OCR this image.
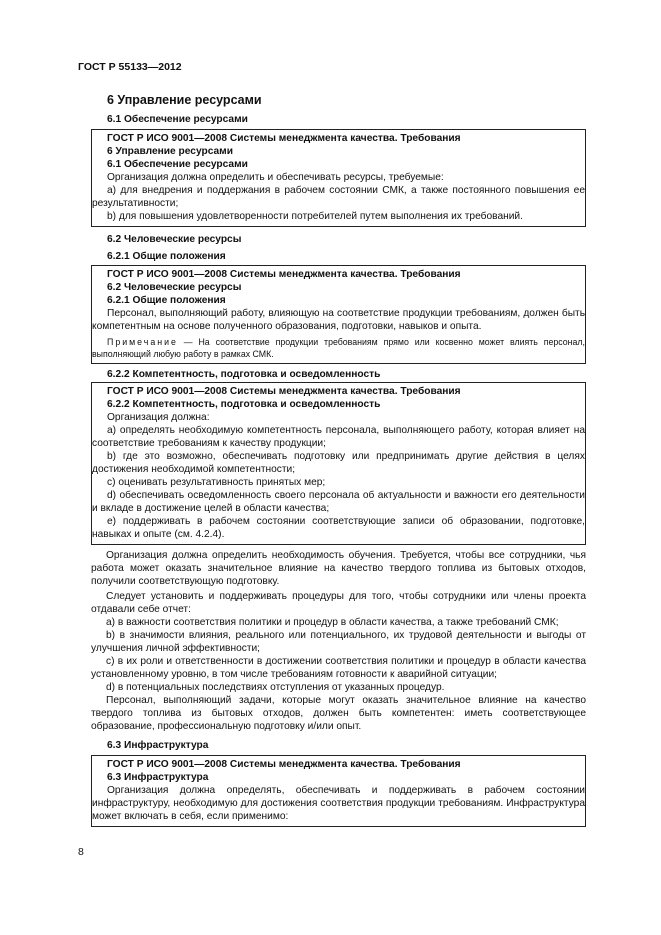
ГОСТ Р 55133—2012
6 Управление ресурсами
6.1 Обеспечение ресурсами
ГОСТ Р ИСО 9001—2008 Системы менеджмента качества. Требования
6 Управление ресурсами
6.1 Обеспечение ресурсами
Организация должна определить и обеспечивать ресурсы, требуемые:
a) для внедрения и поддержания в рабочем состоянии СМК, а также постоянного повышения ее результативности;
b) для повышения удовлетворенности потребителей путем выполнения их требований.
6.2 Человеческие ресурсы
6.2.1 Общие положения
ГОСТ Р ИСО 9001—2008 Системы менеджмента качества. Требования
6.2 Человеческие ресурсы
6.2.1 Общие положения
Персонал, выполняющий работу, влияющую на соответствие продукции требованиям, должен быть компетентным на основе полученного образования, подготовки, навыков и опыта.
Примечание — На соответствие продукции требованиям прямо или косвенно может влиять персонал, выполняющий любую работу в рамках СМК.
6.2.2 Компетентность, подготовка и осведомленность
ГОСТ Р ИСО 9001—2008 Системы менеджмента качества. Требования
6.2.2 Компетентность, подготовка и осведомленность
Организация должна:
a) определять необходимую компетентность персонала, выполняющего работу, которая влияет на соответствие требованиям к качеству продукции;
b) где это возможно, обеспечивать подготовку или предпринимать другие действия в целях достижения необходимой компетентности;
c) оценивать результативность принятых мер;
d) обеспечивать осведомленность своего персонала об актуальности и важности его деятельности и вкладе в достижение целей в области качества;
e) поддерживать в рабочем состоянии соответствующие записи об образовании, подготовке, навыках и опыте (см. 4.2.4).

Организация должна определить необходимость обучения. Требуется, чтобы все сотрудники, чья работа может оказать значительное влияние на качество твердого топлива из бытовых отходов, получили соответствующую подготовку.

Следует установить и поддерживать процедуры для того, чтобы сотрудники или члены проекта отдавали себе отчет:

a) в важности соответствия политики и процедур в области качества, а также требований СМК;

b) в значимости влияния, реального или потенциального, их трудовой деятельности и выгоды от улучшения личной эффективности;

c) в их роли и ответственности в достижении соответствия политики и процедур в области качества установленному уровню, в том числе требованиям готовности к аварийной ситуации;

d) в потенциальных последствиях отступления от указанных процедур.

Персонал, выполняющий задачи, которые могут оказать значительное влияние на качество твердого топлива из бытовых отходов, должен быть компетентен: иметь соответствующее образование, профессиональную подготовку и/или опыт.

6.3 Инфраструктура
ГОСТ Р ИСО 9001—2008 Системы менеджмента качества. Требования
6.3 Инфраструктура
Организация должна определять, обеспечивать и поддерживать в рабочем состоянии инфраструктуру, необходимую для достижения соответствия продукции требованиям. Инфраструктура может включать в себя, если применимо:
8
